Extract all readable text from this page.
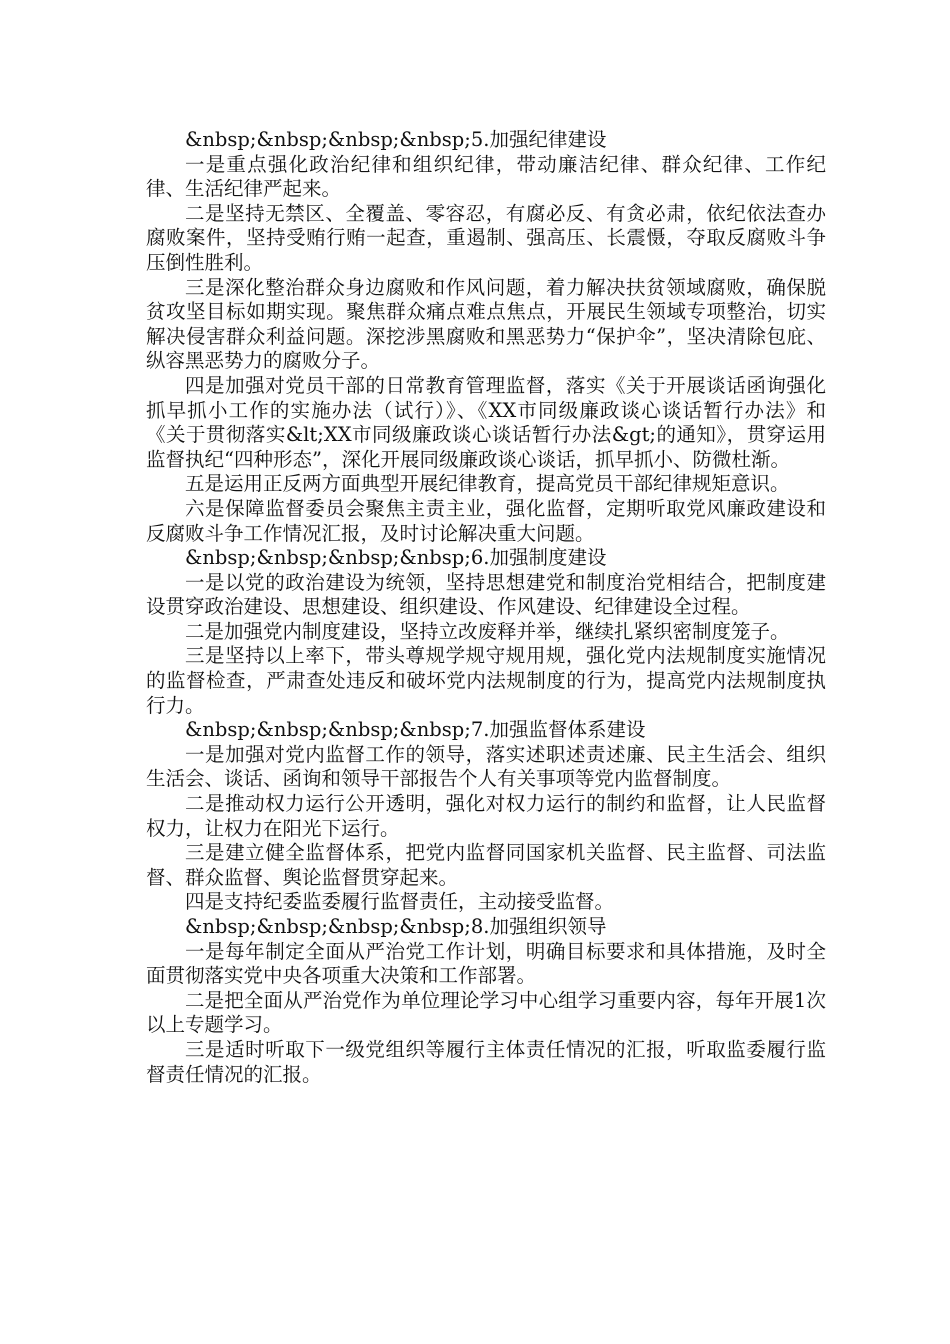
&nbsp;&nbsp;&nbsp;&nbsp;5.加强纪律建设

一是重点强化政治纪律和组织纪律，带动廉洁纪律、群众纪律、工作纪律、生活纪律严起来。

二是坚持无禁区、全覆盖、零容忍，有腐必反、有贪必肃，依纪依法查办腐败案件，坚持受贿行贿一起查，重遏制、强高压、长震慑，夺取反腐败斗争压倒性胜利。

三是深化整治群众身边腐败和作风问题，着力解决扶贫领域腐败，确保脱贫攻坚目标如期实现。聚焦群众痛点难点焦点，开展民生领域专项整治，切实解决侵害群众利益问题。深挖涉黑腐败和黑恶势力“保护伞”，坚决清除包庇、纵容黑恶势力的腐败分子。

四是加强对党员干部的日常教育管理监督，落实《关于开展谈话函询强化抓早抓小工作的实施办法（试行）》、《XX市同级廉政谈心谈话暂行办法》和《关于贯彻落实&lt;XX市同级廉政谈心谈话暂行办法&gt;的通知》，贯穿运用监督执纪“四种形态”，深化开展同级廉政谈心谈话，抓早抓小、防微杜渐。

五是运用正反两方面典型开展纪律教育，提高党员干部纪律规矩意识。

六是保障监督委员会聚焦主责主业，强化监督，定期听取党风廉政建设和反腐败斗争工作情况汇报，及时讨论解决重大问题。

&nbsp;&nbsp;&nbsp;&nbsp;6.加强制度建设

一是以党的政治建设为统领，坚持思想建党和制度治党相结合，把制度建设贯穿政治建设、思想建设、组织建设、作风建设、纪律建设全过程。

二是加强党内制度建设，坚持立改废释并举，继续扎紧织密制度笼子。

三是坚持以上率下，带头尊规学规守规用规，强化党内法规制度实施情况的监督检查，严肃查处违反和破坏党内法规制度的行为，提高党内法规制度执行力。

&nbsp;&nbsp;&nbsp;&nbsp;7.加强监督体系建设

一是加强对党内监督工作的领导，落实述职述责述廉、民主生活会、组织生活会、谈话、函询和领导干部报告个人有关事项等党内监督制度。

二是推动权力运行公开透明，强化对权力运行的制约和监督，让人民监督权力，让权力在阳光下运行。

三是建立健全监督体系，把党内监督同国家机关监督、民主监督、司法监督、群众监督、舆论监督贯穿起来。

四是支持纪委监委履行监督责任，主动接受监督。

&nbsp;&nbsp;&nbsp;&nbsp;8.加强组织领导

一是每年制定全面从严治党工作计划，明确目标要求和具体措施，及时全面贯彻落实党中央各项重大决策和工作部署。

二是把全面从严治党作为单位理论学习中心组学习重要内容，每年开展1次以上专题学习。

三是适时听取下一级党组织等履行主体责任情况的汇报，听取监委履行监督责任情况的汇报。
